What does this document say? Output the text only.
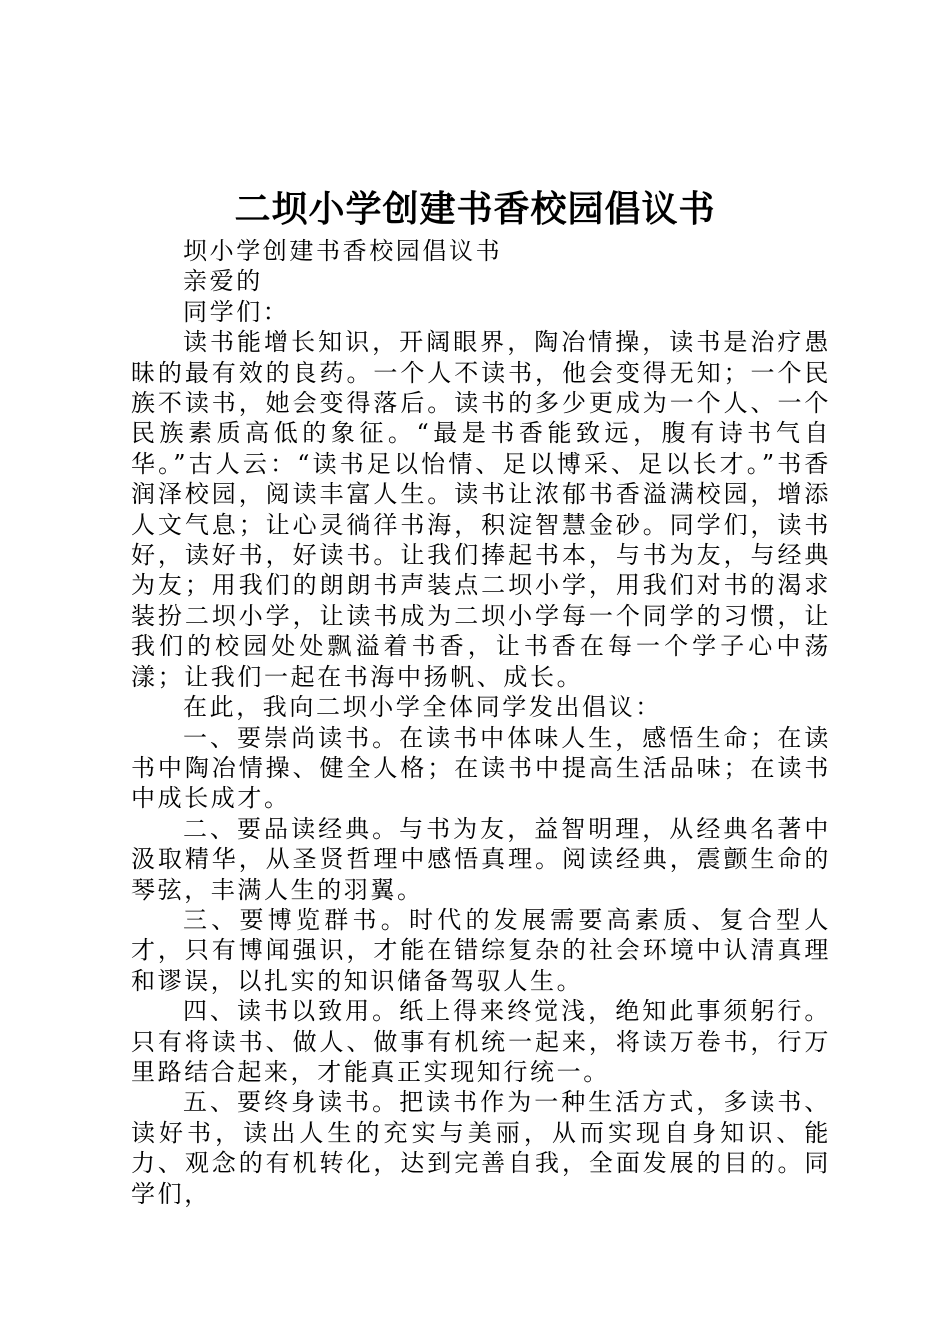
二坝小学创建书香校园倡议书

坝小学创建书香校园倡议书

亲爱的

同学们：

读书能增长知识，开阔眼界，陶冶情操，读书是治疗愚昧的最有效的良药。一个人不读书，他会变得无知；一个民族不读书，她会变得落后。读书的多少更成为一个人、一个民族素质高低的象征。“最是书香能致远，腹有诗书气自华。”古人云：“读书足以怡情、足以博采、足以长才。”书香润泽校园，阅读丰富人生。读书让浓郁书香溢满校园，增添人文气息；让心灵徜徉书海，积淀智慧金砂。同学们，读书好，读好书，好读书。让我们捧起书本，与书为友，与经典为友；用我们的朗朗书声装点二坝小学，用我们对书的渴求装扮二坝小学，让读书成为二坝小学每一个同学的习惯，让我们的校园处处飘溢着书香，让书香在每一个学子心中荡漾；让我们一起在书海中扬帆、成长。

在此，我向二坝小学全体同学发出倡议：

一、要崇尚读书。在读书中体味人生，感悟生命；在读书中陶冶情操、健全人格；在读书中提高生活品味；在读书中成长成才。

二、要品读经典。与书为友，益智明理，从经典名著中汲取精华，从圣贤哲理中感悟真理。阅读经典，震颤生命的琴弦，丰满人生的羽翼。

三、要博览群书。时代的发展需要高素质、复合型人才，只有博闻强识，才能在错综复杂的社会环境中认清真理和谬误，以扎实的知识储备驾驭人生。

四、读书以致用。纸上得来终觉浅，绝知此事须躬行。只有将读书、做人、做事有机统一起来，将读万卷书，行万里路结合起来，才能真正实现知行统一。

五、要终身读书。把读书作为一种生活方式，多读书、读好书，读出人生的充实与美丽，从而实现自身知识、能力、观念的有机转化，达到完善自我，全面发展的目的。同学们，
